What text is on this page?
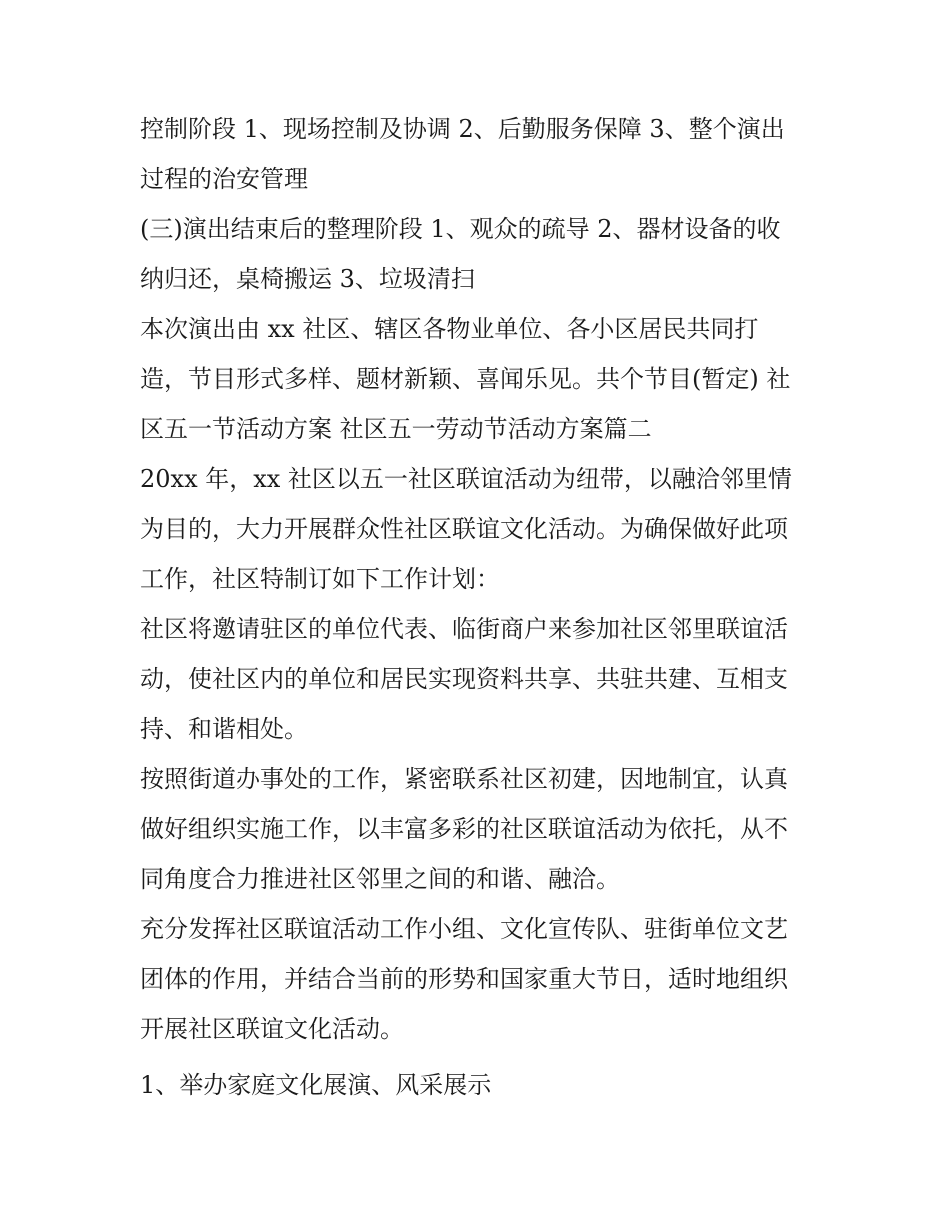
控制阶段 1、现场控制及协调 2、后勤服务保障 3、整个演出
过程的治安管理

(三)演出结束后的整理阶段 1、观众的疏导 2、器材设备的收
纳归还，桌椅搬运 3、垃圾清扫

本次演出由 xx 社区、辖区各物业单位、各小区居民共同打
造，节目形式多样、题材新颖、喜闻乐见。共个节目(暂定) 社
区五一节活动方案 社区五一劳动节活动方案篇二

20xx 年，xx 社区以五一社区联谊活动为纽带，以融洽邻里情
为目的，大力开展群众性社区联谊文化活动。为确保做好此项
工作，社区特制订如下工作计划：

社区将邀请驻区的单位代表、临街商户来参加社区邻里联谊活
动，使社区内的单位和居民实现资料共享、共驻共建、互相支
持、和谐相处。

按照街道办事处的工作，紧密联系社区初建，因地制宜，认真
做好组织实施工作，以丰富多彩的社区联谊活动为依托，从不
同角度合力推进社区邻里之间的和谐、融洽。

充分发挥社区联谊活动工作小组、文化宣传队、驻街单位文艺
团体的作用，并结合当前的形势和国家重大节日，适时地组织
开展社区联谊文化活动。

1、举办家庭文化展演、风采展示
